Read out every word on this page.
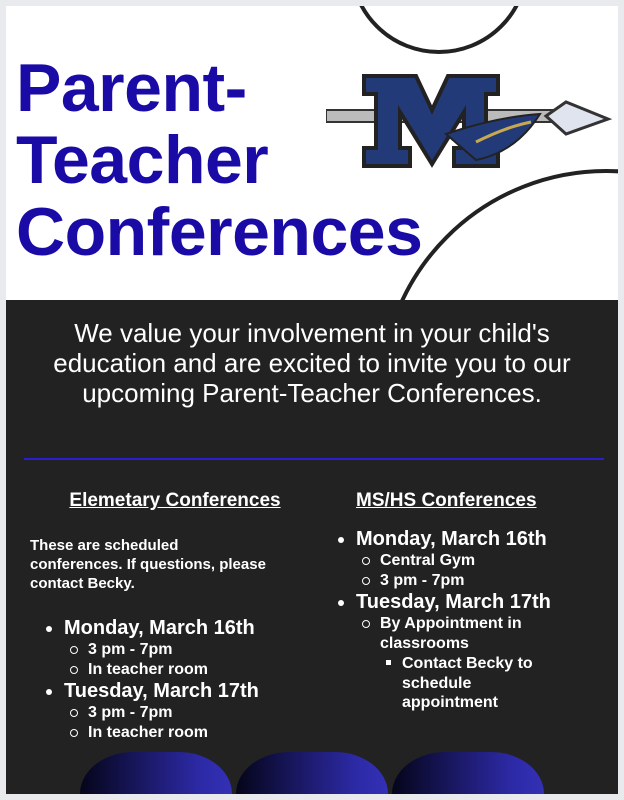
Parent-
Teacher
Conferences
We value your involvement in your child's education and are excited to invite you to our upcoming Parent-Teacher Conferences.
Elemetary Conferences

These are scheduled conferences. If questions, please contact Becky.

Monday, March 16th
3 pm - 7pm
In teacher room
Tuesday, March 17th
3 pm - 7pm
In teacher room
MS/HS Conferences
Monday, March 16th
Central Gym
3 pm - 7pm
Tuesday, March 17th
By Appointment in classrooms
Contact Becky to schedule appointment
